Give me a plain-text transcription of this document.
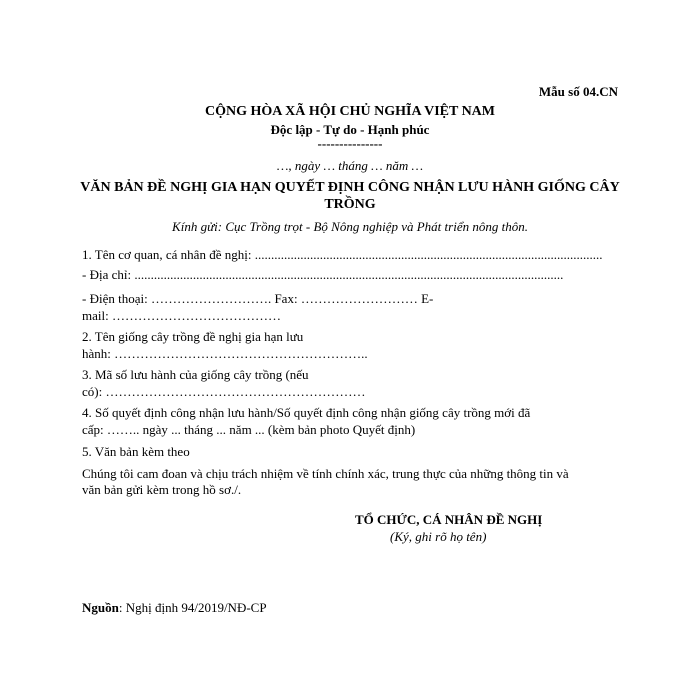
Mẫu số 04.CN
CỘNG HÒA XÃ HỘI CHỦ NGHĨA VIỆT NAM
Độc lập - Tự do - Hạnh phúc
---------------
…, ngày … tháng … năm …
VĂN BẢN ĐỀ NGHỊ GIA HẠN QUYẾT ĐỊNH CÔNG NHẬN LƯU HÀNH GIỐNG CÂY
TRỒNG
Kính gửi: Cục Trồng trọt - Bộ Nông nghiệp và Phát triển nông thôn.
1. Tên cơ quan, cá nhân đề nghị: ...........................................................................................................
- Địa chỉ: ....................................................................................................................................
- Điện thoại: ………………………. Fax: ……………………… E-
mail: …………………………………
2. Tên giống cây trồng đề nghị gia hạn lưu
hành: …………………………………………………..
3. Mã số lưu hành của giống cây trồng (nếu
có): ……………………………………………………
4. Số quyết định công nhận lưu hành/Số quyết định công nhận giống cây trồng mới đã
cấp: …….. ngày ... tháng ... năm ... (kèm bản photo Quyết định)
5. Văn bản kèm theo
Chúng tôi cam đoan và chịu trách nhiệm về tính chính xác, trung thực của những thông tin và
văn bản gửi kèm trong hồ sơ./.
TỔ CHỨC, CÁ NHÂN ĐỀ NGHỊ
(Ký, ghi rõ họ tên)
Nguồn: Nghị định 94/2019/NĐ-CP
